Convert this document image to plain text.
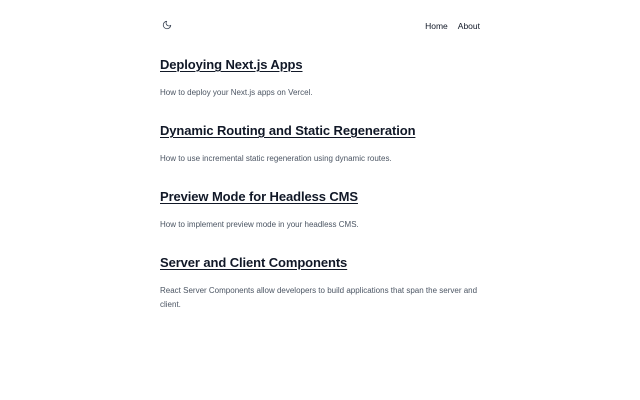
Home About
Deploying Next.js Apps

How to deploy your Next.js apps on Vercel.

Dynamic Routing and Static Regeneration

How to use incremental static regeneration using dynamic routes.

Preview Mode for Headless CMS

How to implement preview mode in your headless CMS.

Server and Client Components

React Server Components allow developers to build applications that span the server and client.
